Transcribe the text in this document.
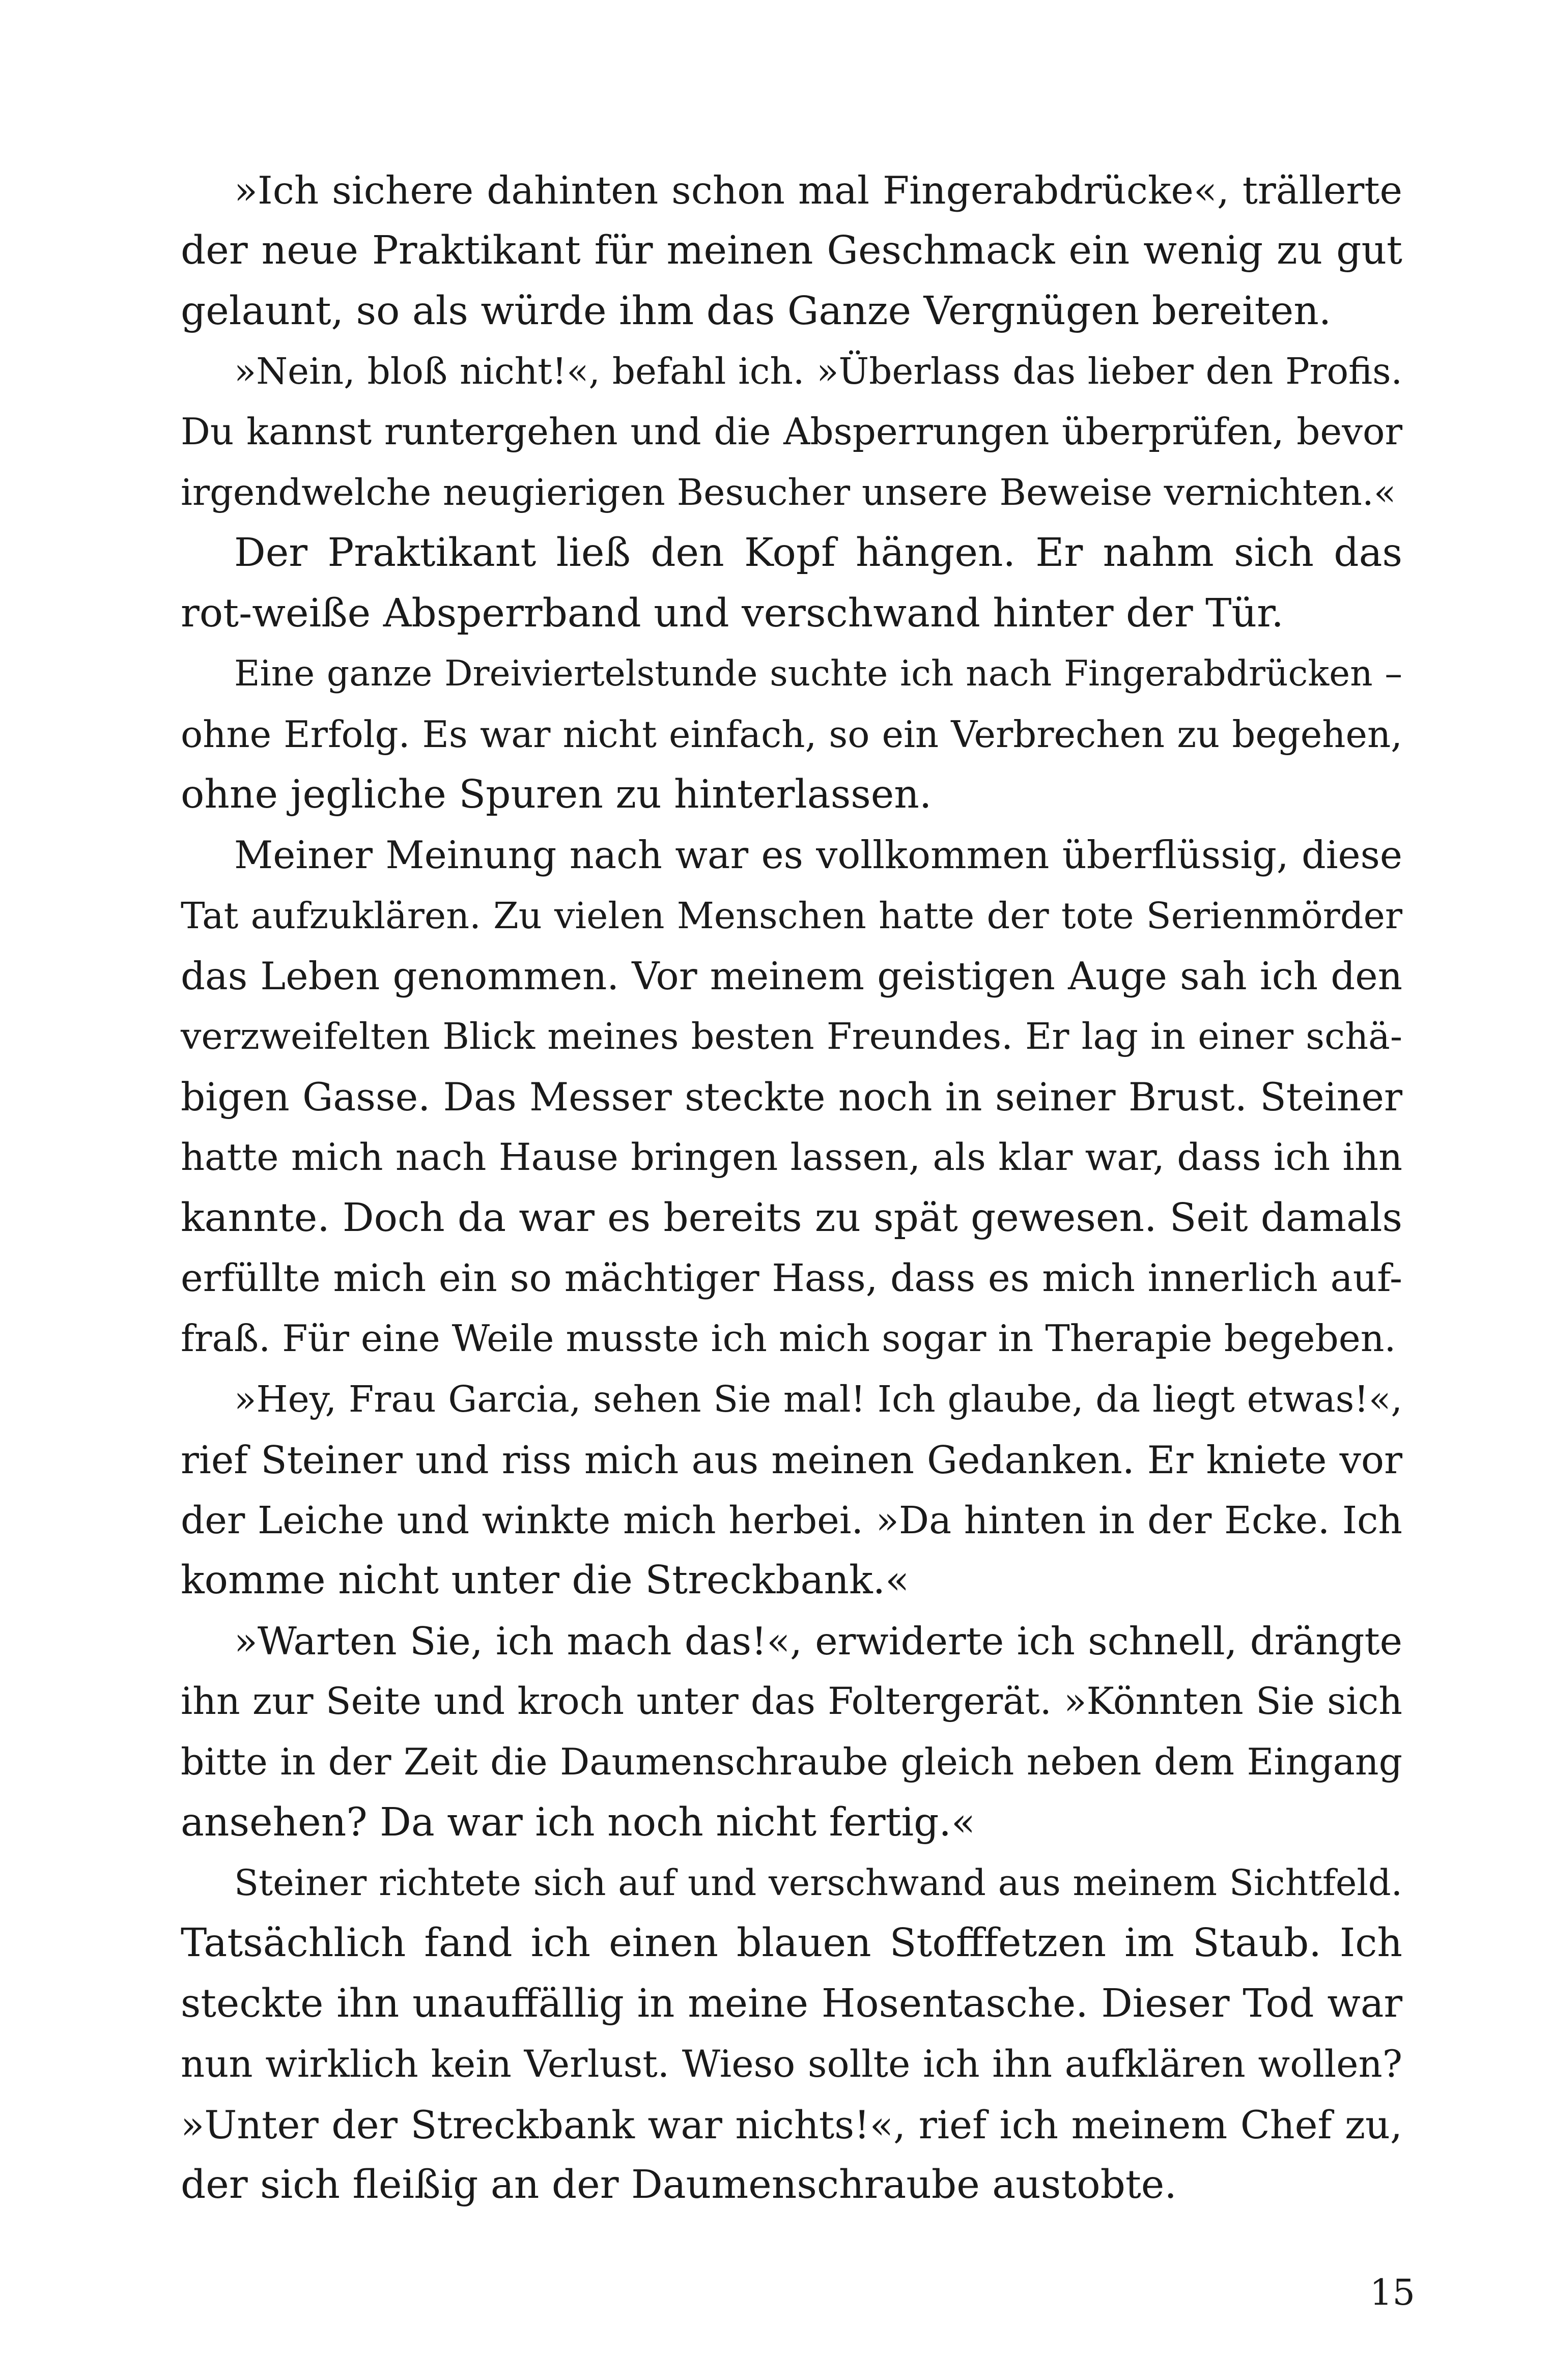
»Ich sichere dahinten schon mal Fingerabdrücke«, trällerte
der neue Praktikant für meinen Geschmack ein wenig zu gut
gelaunt, so als würde ihm das Ganze Vergnügen bereiten.
»Nein, bloß nicht!«, befahl ich. »Überlass das lieber den Profis.
Du kannst runtergehen und die Absperrungen überprüfen, bevor
irgendwelche neugierigen Besucher unsere Beweise vernichten.«
Der Praktikant ließ den Kopf hängen. Er nahm sich das
rot-weiße Absperrband und verschwand hinter der Tür.
Eine ganze Dreiviertelstunde suchte ich nach Fingerabdrücken –
ohne Erfolg. Es war nicht einfach, so ein Verbrechen zu begehen,
ohne jegliche Spuren zu hinterlassen.
Meiner Meinung nach war es vollkommen überflüssig, diese
Tat aufzuklären. Zu vielen Menschen hatte der tote Serienmörder
das Leben genommen. Vor meinem geistigen Auge sah ich den
verzweifelten Blick meines besten Freundes. Er lag in einer schä-
bigen Gasse. Das Messer steckte noch in seiner Brust. Steiner
hatte mich nach Hause bringen lassen, als klar war, dass ich ihn
kannte. Doch da war es bereits zu spät gewesen. Seit damals
erfüllte mich ein so mächtiger Hass, dass es mich innerlich auf-
fraß. Für eine Weile musste ich mich sogar in Therapie begeben.
»Hey, Frau Garcia, sehen Sie mal! Ich glaube, da liegt etwas!«,
rief Steiner und riss mich aus meinen Gedanken. Er kniete vor
der Leiche und winkte mich herbei. »Da hinten in der Ecke. Ich
komme nicht unter die Streckbank.«
»Warten Sie, ich mach das!«, erwiderte ich schnell, drängte
ihn zur Seite und kroch unter das Foltergerät. »Könnten Sie sich
bitte in der Zeit die Daumenschraube gleich neben dem Eingang
ansehen? Da war ich noch nicht fertig.«
Steiner richtete sich auf und verschwand aus meinem Sichtfeld.
Tatsächlich fand ich einen blauen Stofffetzen im Staub. Ich
steckte ihn unauffällig in meine Hosentasche. Dieser Tod war
nun wirklich kein Verlust. Wieso sollte ich ihn aufklären wollen?
»Unter der Streckbank war nichts!«, rief ich meinem Chef zu,
der sich fleißig an der Daumenschraube austobte.
15
